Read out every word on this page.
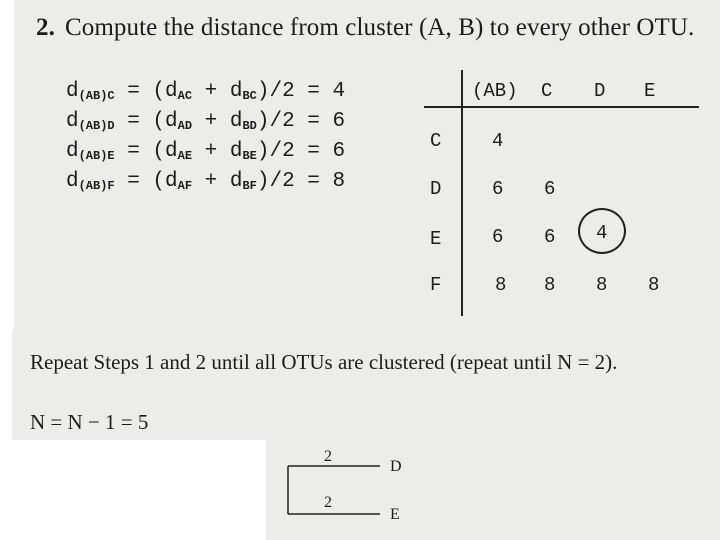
2. Compute the distance from cluster (A, B) to every other OTU.
$d_{(AB)C} = (d_{AC} + d_{BC})/2 = 4$
$d_{(AB)D} = (d_{AD} + d_{BD})/2 = 6$
$d_{(AB)E} = (d_{AE} + d_{BE})/2 = 6$
$d_{(AB)F} = (d_{AF} + d_{BF})/2 = 8$
(AB) C D E
C
D
E
F
4
6 6
6 6 4
8 8 8 8
Repeat Steps 1 and 2 until all OTUs are clustered (repeat until N = 2).
N = N − 1 = 5
2
2
D
E
